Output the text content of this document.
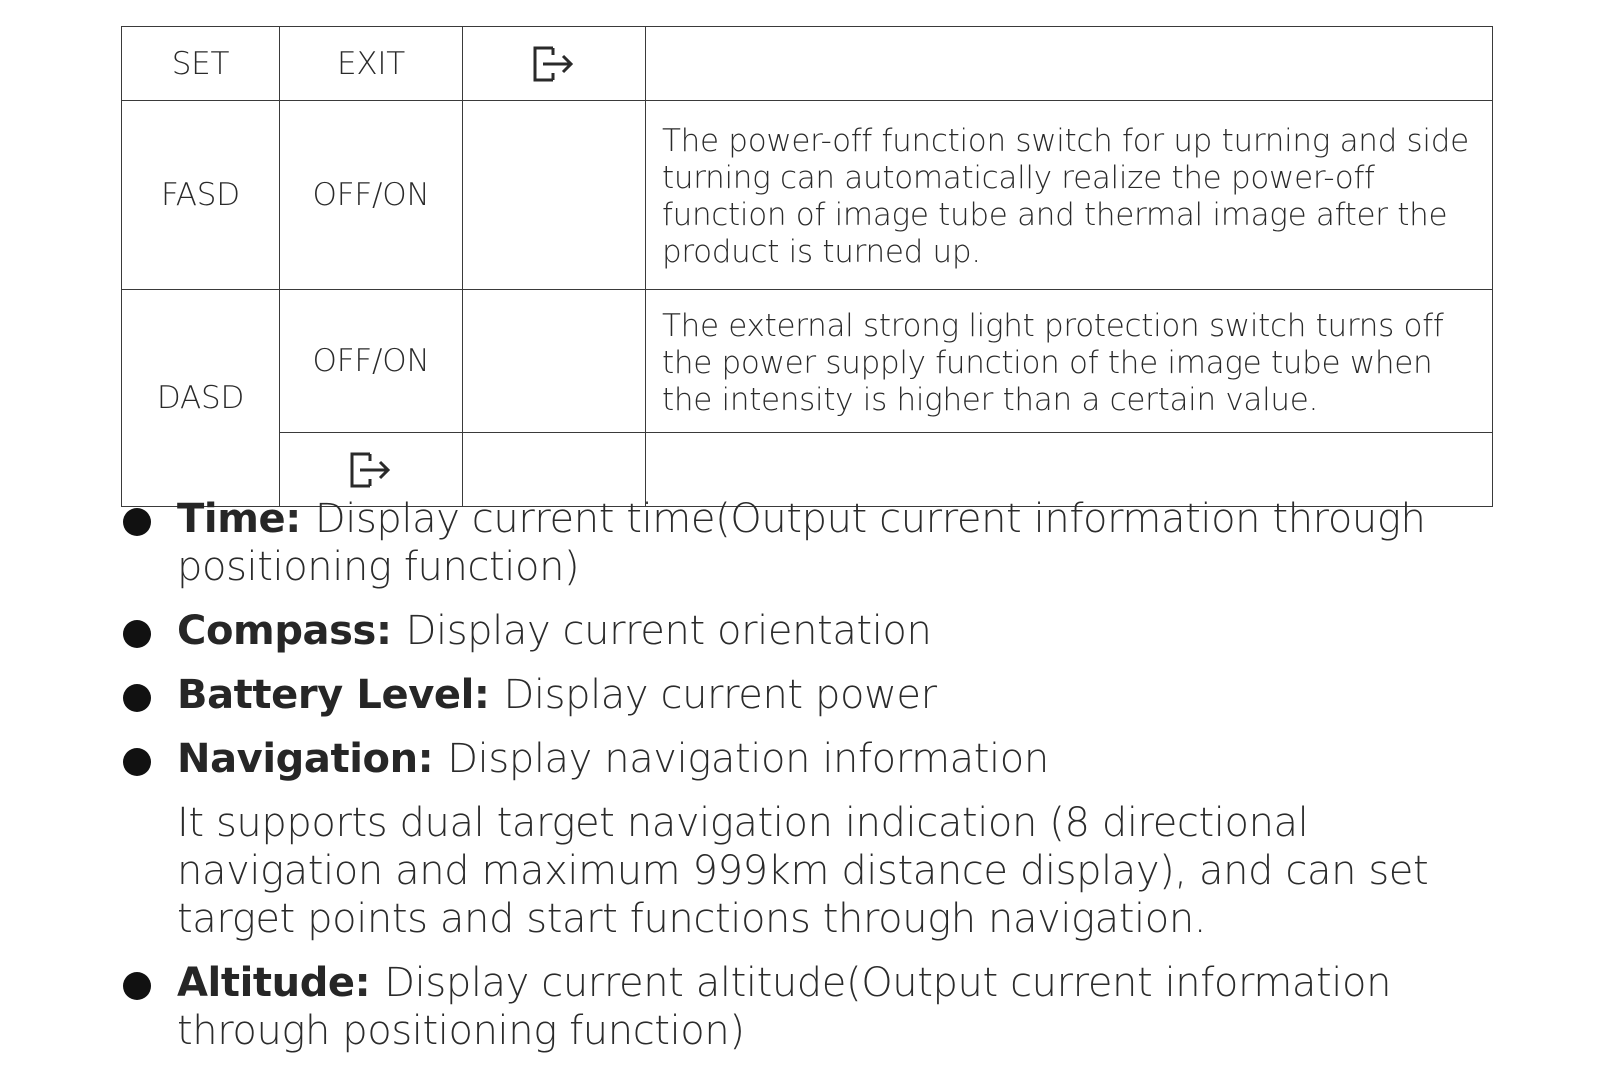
SET	EXIT		
FASD	OFF/ON		The power-off function switch for up turning and side turning can automatically realize the power-off function of image tube and thermal image after the product is turned up.
DASD	OFF/ON		The external strong light protection switch turns off the power supply function of the image tube when the intensity is higher than a certain value.

Time: Display current time(Output current information through positioning function)
Compass: Display current orientation
Battery Level: Display current power
Navigation: Display navigation information
It supports dual target navigation indication (8 directional navigation and maximum 999km distance display), and can set target points and start functions through navigation.
Altitude: Display current altitude(Output current information through positioning function)
